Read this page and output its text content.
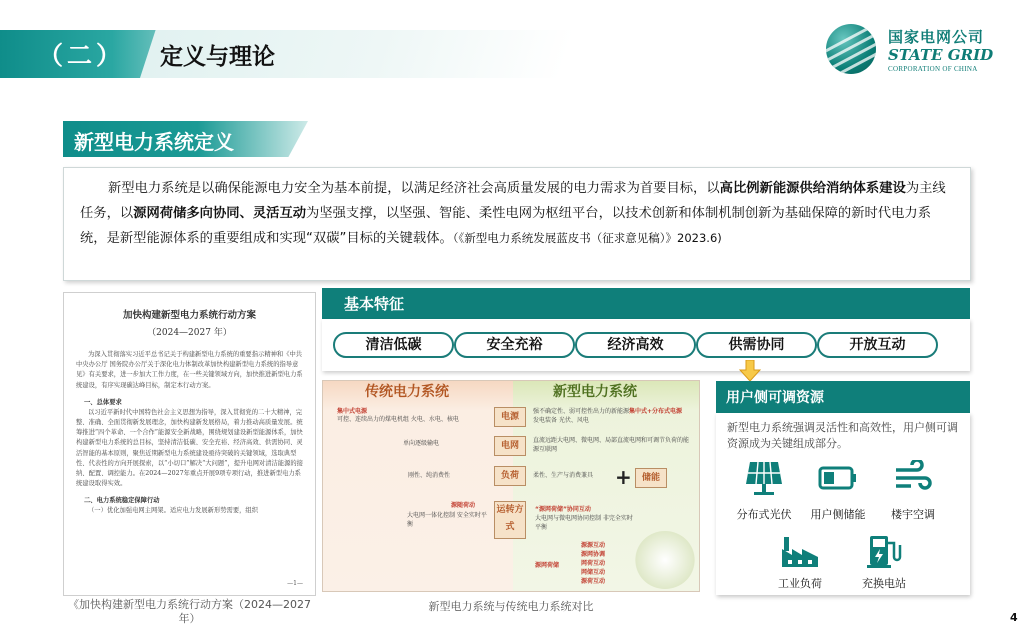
（二）	定义与理论
国家电网公司
STATE GRID
CORPORATION OF CHINA
新型电力系统定义
新型电力系统是以确保能源电力安全为基本前提，以满足经济社会高质量发展的电力需求为首要目标，以高比例新能源供给消纳体系建设为主线任务，以源网荷储多向协同、灵活互动为坚强支撑，以坚强、智能、柔性电网为枢纽平台，以技术创新和体制机制创新为基础保障的新时代电力系统，是新型能源体系的重要组成和实现“双碳”目标的关键载体。（《新型电力系统发展蓝皮书（征求意见稿）》2023.6)
加快构建新型电力系统行动方案
（2024—2027 年）
为深入贯彻落实习近平总书记关于构建新型电力系统的重要指示精神和《中共中央办公厅 国务院办公厅关于深化电力体制改革加快构建新型电力系统的指导意见》有关要求，进一步加大工作力度，在一些关键领域方向，加快推进新型电力系统建设，有序实现碳达峰目标，制定本行动方案。
一、总体要求
以习近平新时代中国特色社会主义思想为指导，深入贯彻党的二十大精神，完整、准确、全面贯彻新发展理念，加快构建新发展格局，着力推动高质量发展。统筹推进“四个革命、一个合作”能源安全新战略，围绕规划建设新型能源体系，加快构建新型电力系统的总目标，坚持清洁低碳、安全充裕、经济高效、供需协同、灵活智能的基本原则，聚焦近期新型电力系统建设亟待突破的关键领域，选取典型性、代表性的方向开展探索，以“小切口”解决“大问题”，提升电网对清洁能源的接纳、配置、调控能力。在2024—2027年重点开展9项专项行动，推进新型电力系统建设取得实效。
二、电力系统稳定保障行动
（一）优化加强电网主网架。适应电力发展新形势需要，组织
—1—
《加快构建新型电力系统行动方案（2024—2027 年）
基本特征
清洁低碳	安全充裕	经济高效	供需协同	开放互动
传统电力系统	新型电力系统
集中式电源
可控、连续出力的煤电机组 火电、水电、核电	电源
强不确定性、弱可控性出力的新能源发电装备 光伏、风电
集中式+分布式电源
单向逐级输电	电网
直流远距大电网、微电网、局部直流电网和可调节负荷的能源互联网
刚性、纯消费性	负荷	柔性、生产与消费兼具	+	储能
源随荷动
大电网一体化控制 安全实时平衡
运转方式
“源网荷储”协同互动
大电网与微电网协同控制 非完全实时平衡
源网荷储
源源互动
源网协调
网荷互动
网储互动
源荷互动
新型电力系统与传统电力系统对比
用户侧可调资源
新型电力系统强调灵活性和高效性，用户侧可调资源成为关键组成部分。
分布式光伏	用户侧储能	楼宇空调
工业负荷	充换电站
4
